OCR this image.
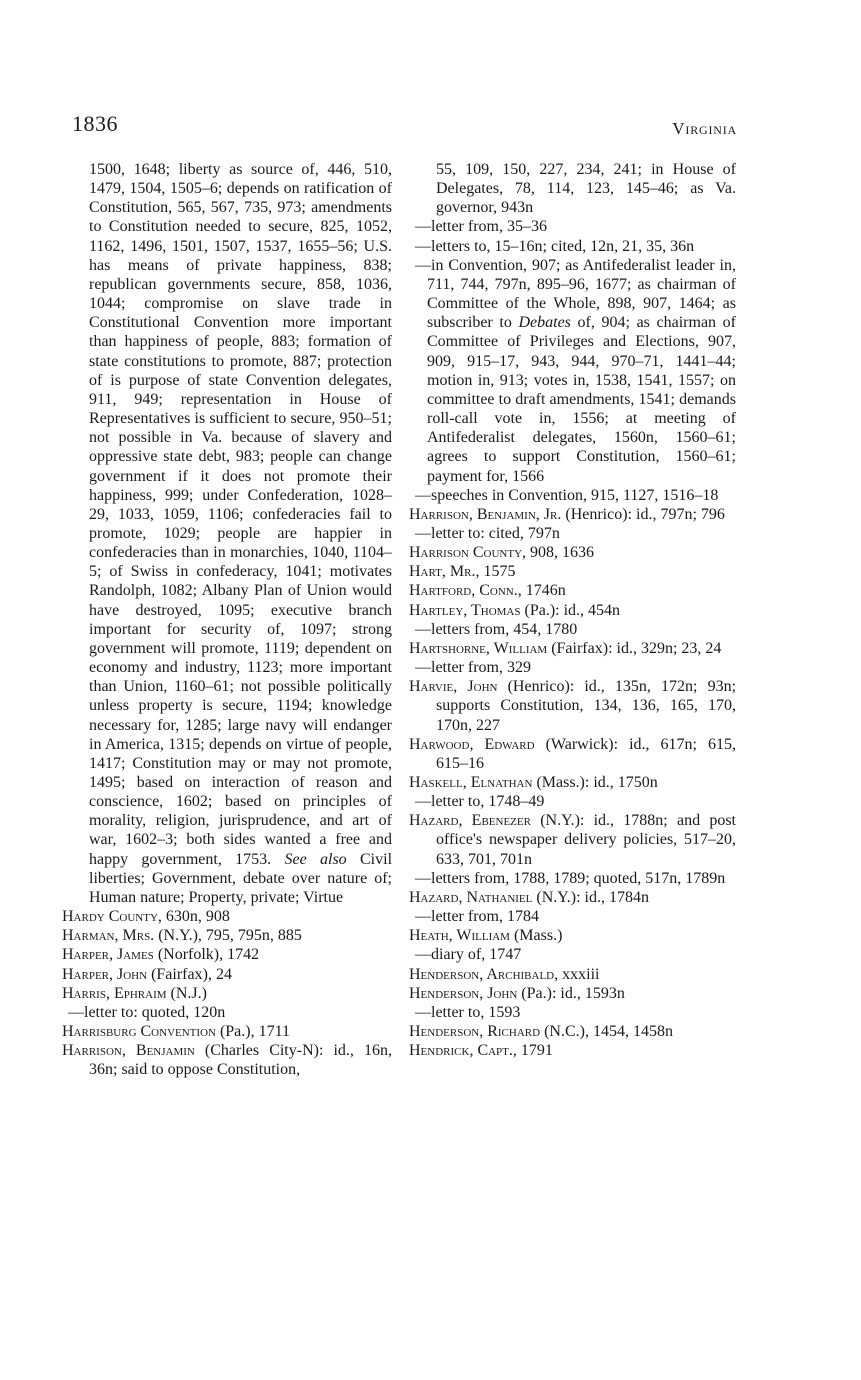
1836	Virginia

1500, 1648; liberty as source of, 446, 510, 1479, 1504, 1505–6; depends on ratification of Constitution, 565, 567, 735, 973; amendments to Constitution needed to secure, 825, 1052, 1162, 1496, 1501, 1507, 1537, 1655–56; U.S. has means of private happiness, 838; republican governments secure, 858, 1036, 1044; compromise on slave trade in Constitutional Convention more important than happiness of people, 883; formation of state constitutions to promote, 887; protection of is purpose of state Convention delegates, 911, 949; representation in House of Representatives is sufficient to secure, 950–51; not possible in Va. because of slavery and oppressive state debt, 983; people can change government if it does not promote their happiness, 999; under Confederation, 1028–29, 1033, 1059, 1106; confederacies fail to promote, 1029; people are happier in confederacies than in monarchies, 1040, 1104–5; of Swiss in confederacy, 1041; motivates Randolph, 1082; Albany Plan of Union would have destroyed, 1095; executive branch important for security of, 1097; strong government will promote, 1119; dependent on economy and industry, 1123; more important than Union, 1160–61; not possible politically unless property is secure, 1194; knowledge necessary for, 1285; large navy will endanger in America, 1315; depends on virtue of people, 1417; Constitution may or may not promote, 1495; based on interaction of reason and conscience, 1602; based on principles of morality, religion, jurisprudence, and art of war, 1602–3; both sides wanted a free and happy government, 1753. See also Civil liberties; Government, debate over nature of; Human nature; Property, private; Virtue

Hardy County, 630n, 908

Harman, Mrs. (N.Y.), 795, 795n, 885

Harper, James (Norfolk), 1742

Harper, John (Fairfax), 24

Harris, Ephraim (N.J.)

—letter to: quoted, 120n

Harrisburg Convention (Pa.), 1711

Harrison, Benjamin (Charles City-N): id., 16n, 36n; said to oppose Constitution,

55, 109, 150, 227, 234, 241; in House of Delegates, 78, 114, 123, 145–46; as Va. governor, 943n

—letter from, 35–36

—letters to, 15–16n; cited, 12n, 21, 35, 36n

—in Convention, 907; as Antifederalist leader in, 711, 744, 797n, 895–96, 1677; as chairman of Committee of the Whole, 898, 907, 1464; as subscriber to Debates of, 904; as chairman of Committee of Privileges and Elections, 907, 909, 915–17, 943, 944, 970–71, 1441–44; motion in, 913; votes in, 1538, 1541, 1557; on committee to draft amendments, 1541; demands roll-call vote in, 1556; at meeting of Antifederalist delegates, 1560n, 1560–61; agrees to support Constitution, 1560–61; payment for, 1566

—speeches in Convention, 915, 1127, 1516–18

Harrison, Benjamin, Jr. (Henrico): id., 797n; 796

—letter to: cited, 797n

Harrison County, 908, 1636

Hart, Mr., 1575

Hartford, Conn., 1746n

Hartley, Thomas (Pa.): id., 454n

—letters from, 454, 1780

Hartshorne, William (Fairfax): id., 329n; 23, 24

—letter from, 329

Harvie, John (Henrico): id., 135n, 172n; 93n; supports Constitution, 134, 136, 165, 170, 170n, 227

Harwood, Edward (Warwick): id., 617n; 615, 615–16

Haskell, Elnathan (Mass.): id., 1750n

—letter to, 1748–49

Hazard, Ebenezer (N.Y.): id., 1788n; and post office's newspaper delivery policies, 517–20, 633, 701, 701n

—letters from, 1788, 1789; quoted, 517n, 1789n

Hazard, Nathaniel (N.Y.): id., 1784n

—letter from, 1784

Heath, William (Mass.)

—diary of, 1747

Henderson, Archibald, xxxiii

Henderson, John (Pa.): id., 1593n

—letter to, 1593

Henderson, Richard (N.C.), 1454, 1458n

Hendrick, Capt., 1791
